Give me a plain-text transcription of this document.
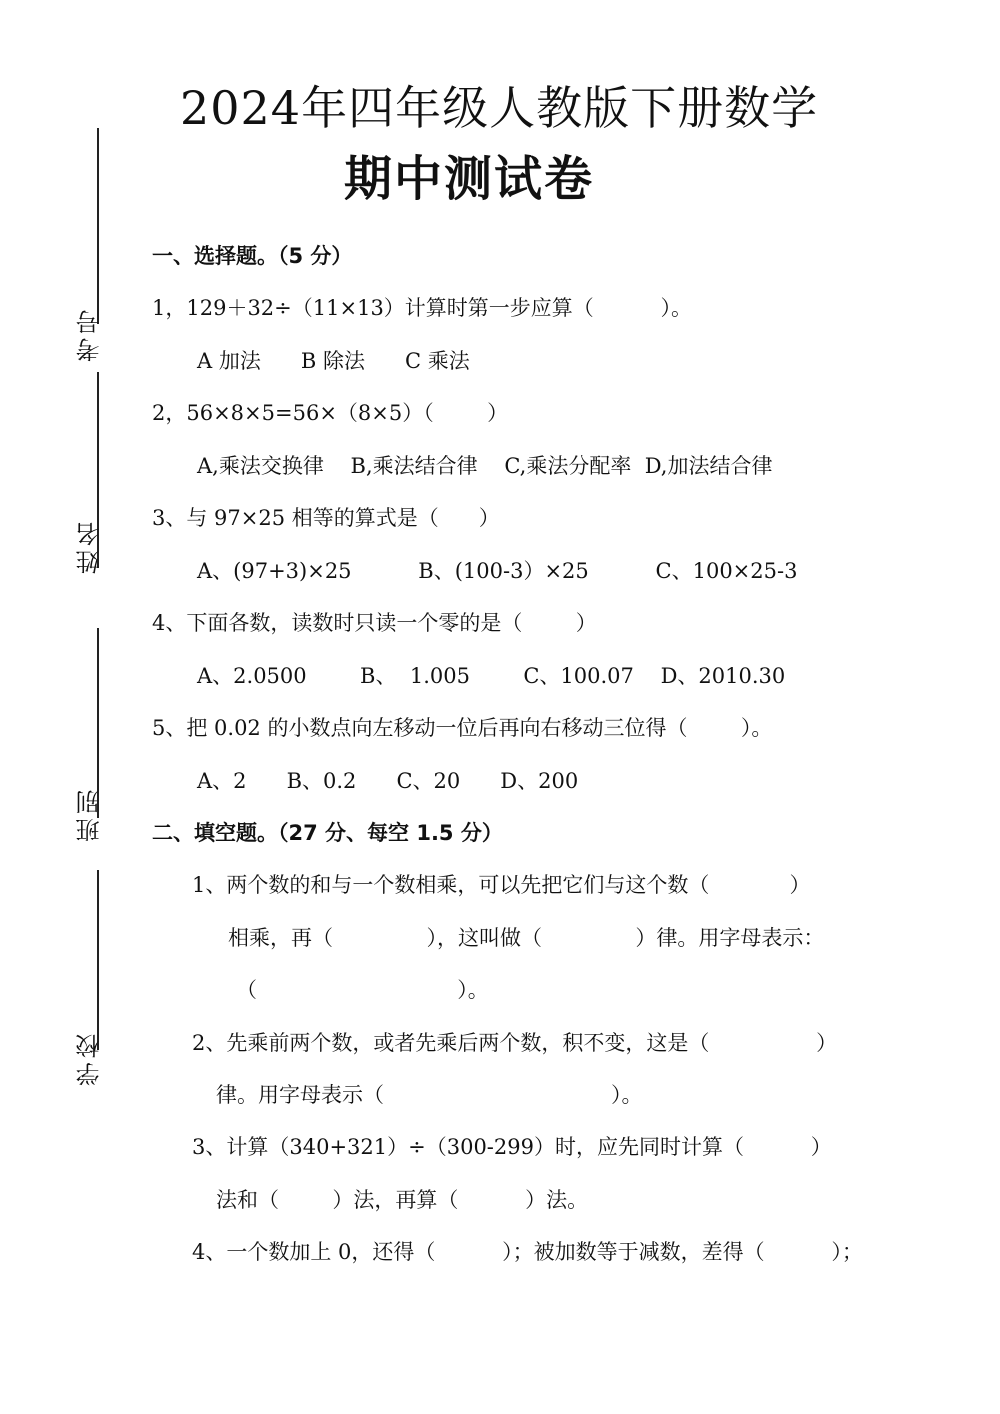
2024年四年级人教版下册数学
期中测试卷
考号
姓名
班别
学校
一、选择题。（5 分）
1，129＋32÷（11×13）计算时第一步应算（          ）。
A 加法      B 除法      C 乘法
2，56×8×5=56×（8×5）（        ）
A,乘法交换律    B,乘法结合律    C,乘法分配率  D,加法结合律
3、与 97×25 相等的算式是（      ）
A、(97+3)×25          B、(100-3）×25          C、100×25-3
4、下面各数，读数时只读一个零的是（        ）
A、2.0500        B、  1.005        C、100.07    D、2010.30
5、把 0.02 的小数点向左移动一位后再向右移动三位得（        ）。
A、2      B、0.2      C、20      D、200
二、填空题。（27 分、每空 1.5 分）
1、两个数的和与一个数相乘，可以先把它们与这个数（            ）
相乘，再（              ），这叫做（              ）律。用字母表示：
（                              ）。
2、先乘前两个数，或者先乘后两个数，积不变，这是（                ）
律。用字母表示（                                  ）。
3、计算（340+321）÷（300-299）时，应先同时计算（          ）
法和（        ）法，再算（          ）法。
4、一个数加上 0，还得（          ）；被加数等于减数，差得（          ）；
